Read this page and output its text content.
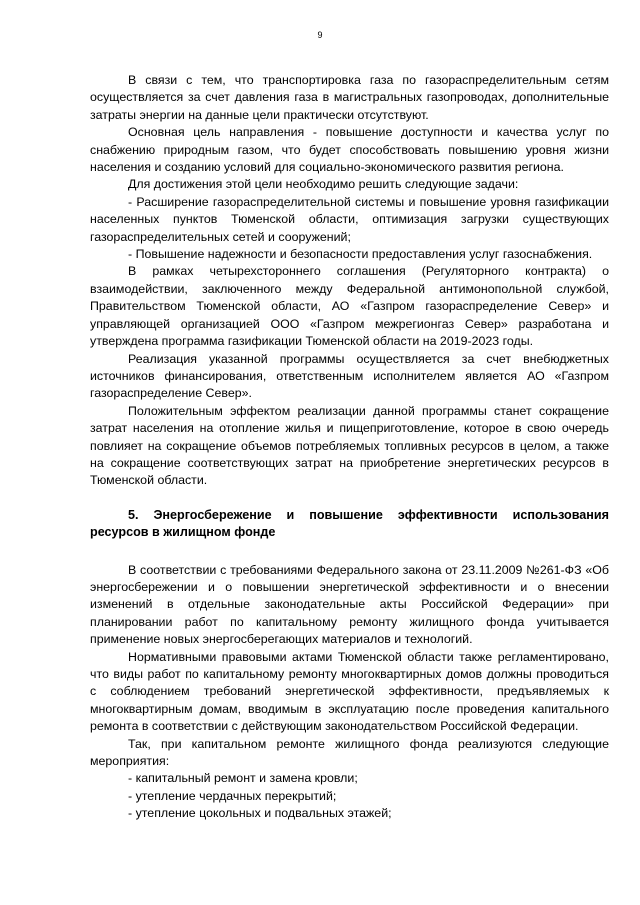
9

В связи с тем, что транспортировка газа по газораспределительным сетям осуществляется за счет давления газа в магистральных газопроводах, дополнительные затраты энергии на данные цели практически отсутствуют.

Основная цель направления - повышение доступности и качества услуг по снабжению природным газом, что будет способствовать повышению уровня жизни населения и созданию условий для социально-экономического развития региона.

Для достижения этой цели необходимо решить следующие задачи:

- Расширение газораспределительной системы и повышение уровня газификации населенных пунктов Тюменской области, оптимизация загрузки существующих газораспределительных сетей и сооружений;

- Повышение надежности и безопасности предоставления услуг газоснабжения.

В рамках четырехстороннего соглашения (Регуляторного контракта) о взаимодействии, заключенного между Федеральной антимонопольной службой, Правительством Тюменской области, АО «Газпром газораспределение Север» и управляющей организацией ООО «Газпром межрегионгаз Север» разработана и утверждена программа газификации Тюменской области на 2019-2023 годы.

Реализация указанной программы осуществляется за счет внебюджетных источников финансирования, ответственным исполнителем является АО «Газпром газораспределение Север».

Положительным эффектом реализации данной программы станет сокращение затрат населения на отопление жилья и пищеприготовление, которое в свою очередь повлияет на сокращение объемов потребляемых топливных ресурсов в целом, а также на сокращение соответствующих затрат на приобретение энергетических ресурсов в Тюменской области.

5. Энергосбережение и повышение эффективности использования ресурсов в жилищном фонде

В соответствии с требованиями Федерального закона от 23.11.2009 №261-ФЗ «Об энергосбережении и о повышении энергетической эффективности и о внесении изменений в отдельные законодательные акты Российской Федерации» при планировании работ по капитальному ремонту жилищного фонда учитывается применение новых энергосберегающих материалов и технологий.

Нормативными правовыми актами Тюменской области также регламентировано, что виды работ по капитальному ремонту многоквартирных домов должны проводиться с соблюдением требований энергетической эффективности, предъявляемых к многоквартирным домам, вводимым в эксплуатацию после проведения капитального ремонта в соответствии с действующим законодательством Российской Федерации.

Так, при капитальном ремонте жилищного фонда реализуются следующие мероприятия:

- капитальный ремонт и замена кровли;

- утепление чердачных перекрытий;

- утепление цокольных и подвальных этажей;
